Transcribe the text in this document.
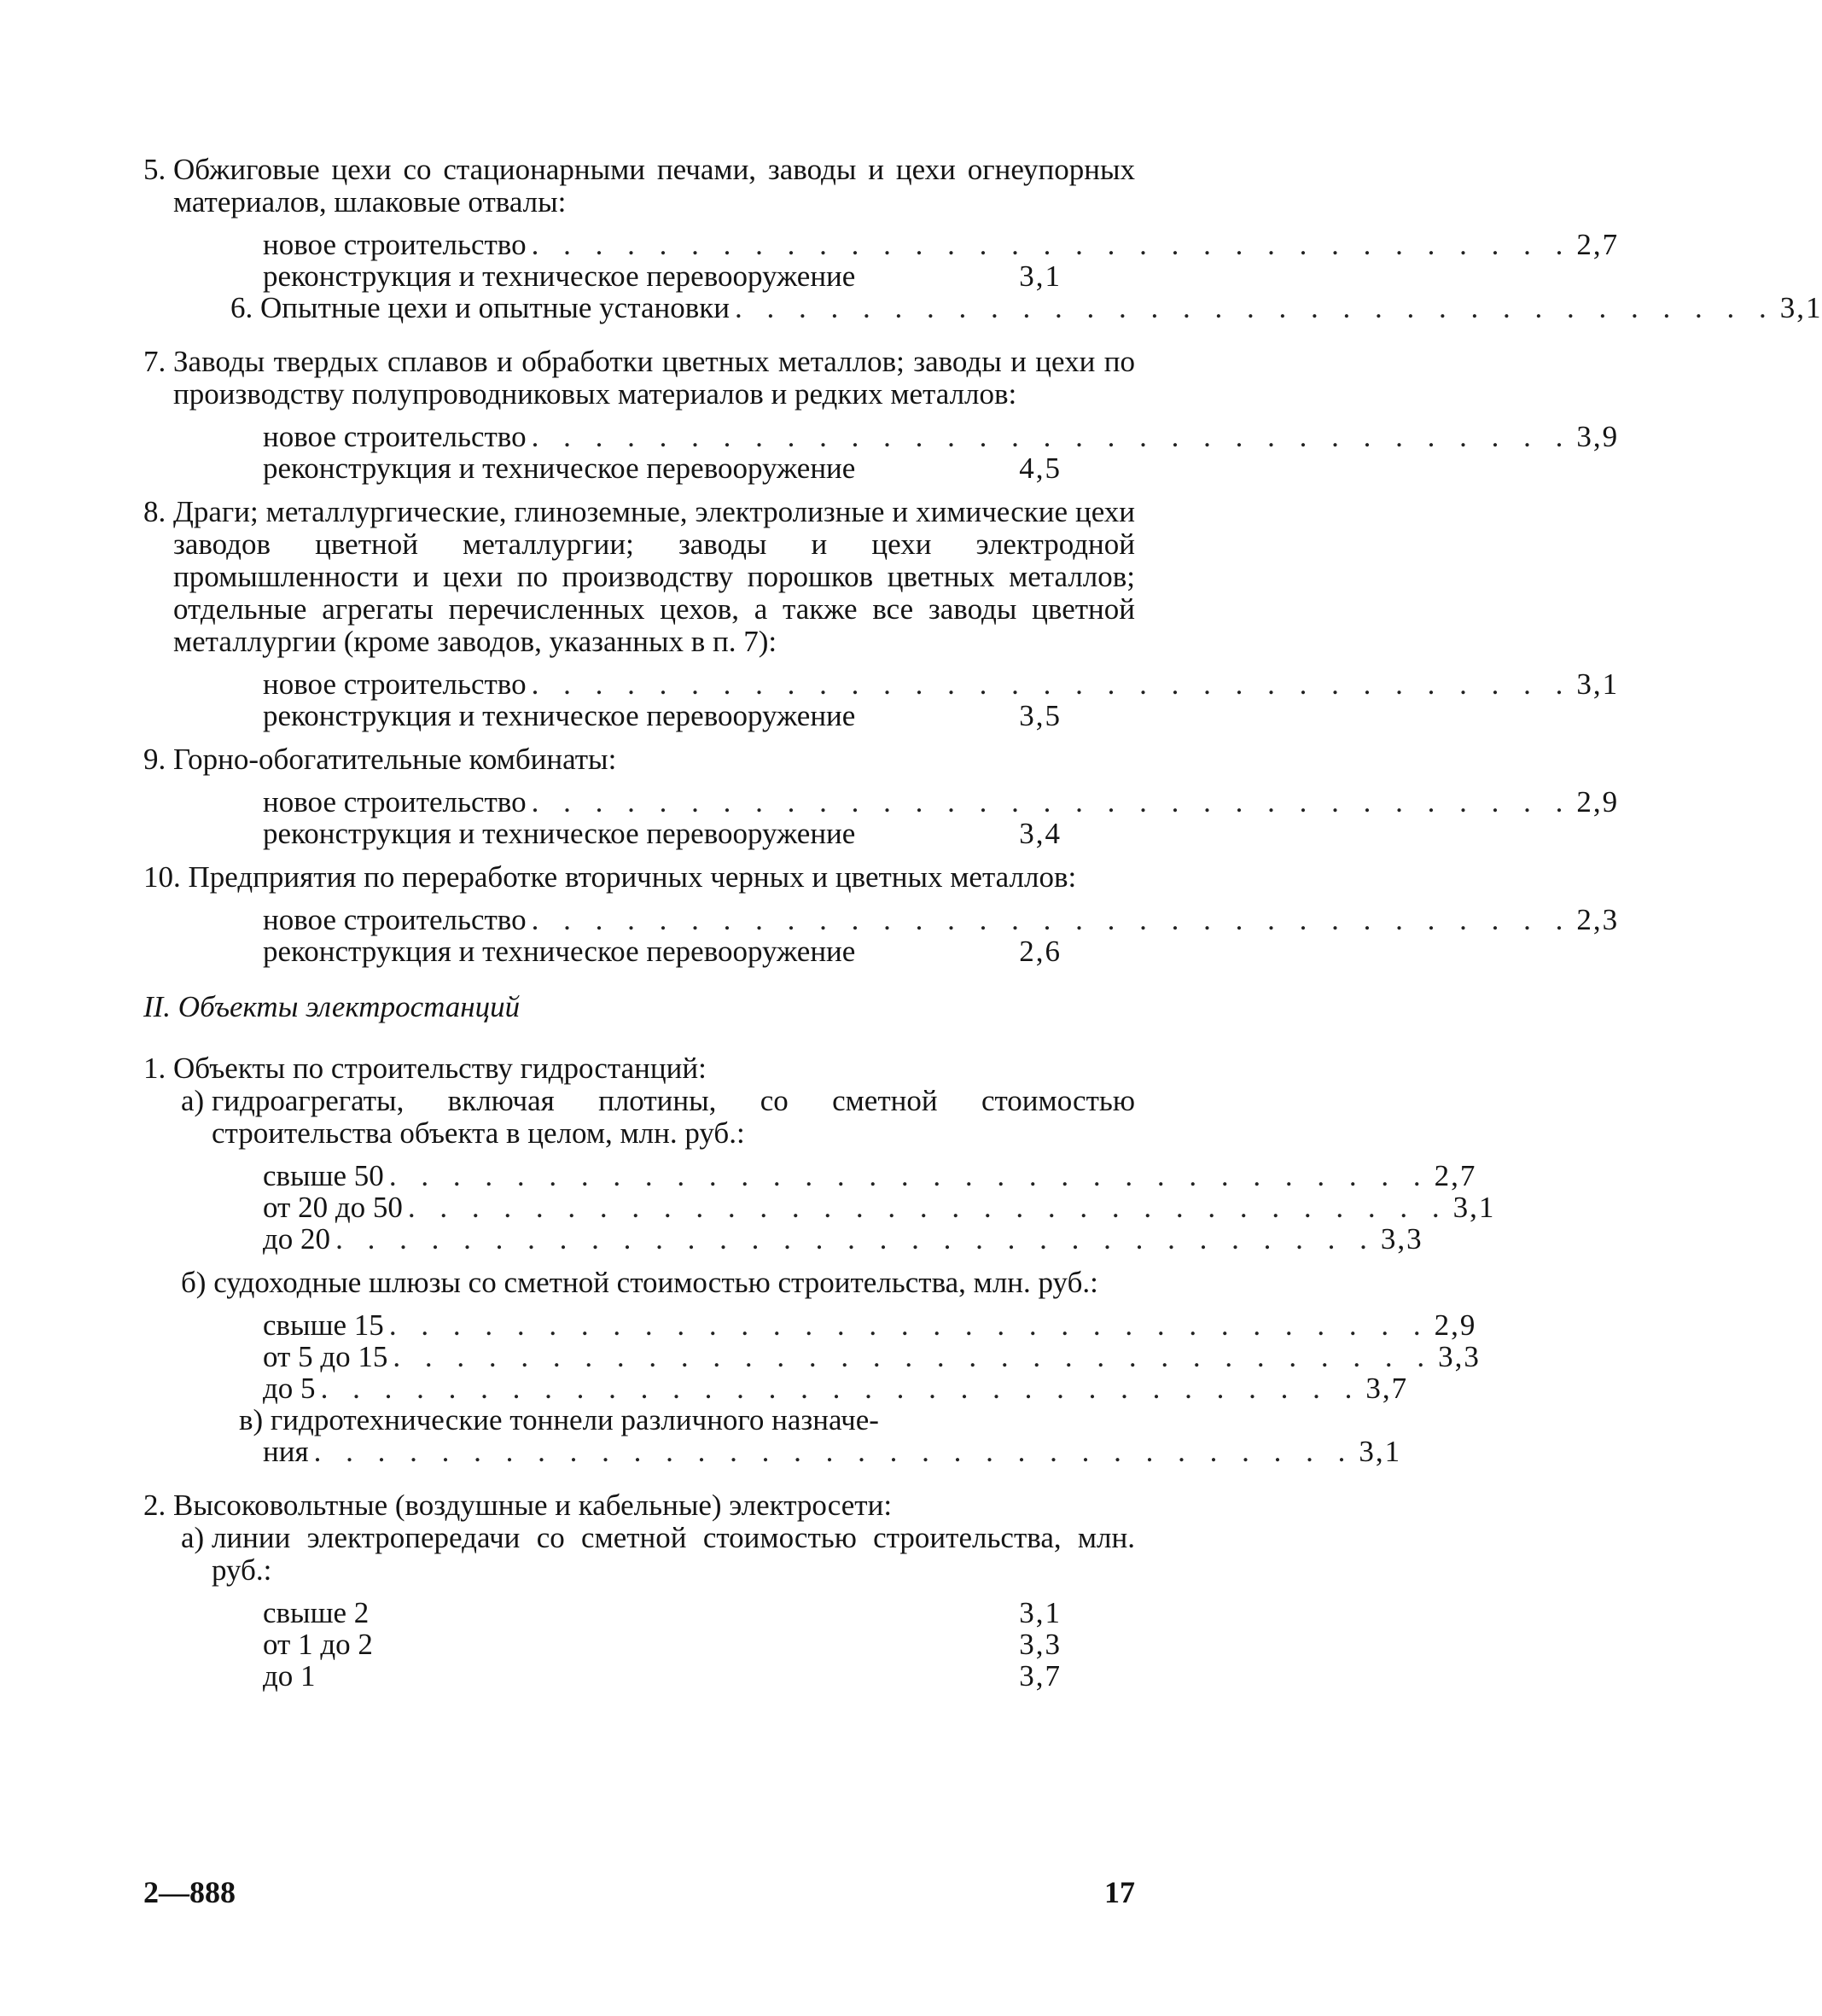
5. Обжиговые цехи со стационарными печами, заводы и цехи огнеупорных материалов, шлаковые отвалы:
новое строительство . . . . . . . . . . . . . . . . . . . . . . . . . . . . . . . . . 2,7
реконструкция и техническое перевооружение	3,1
6. Опытные цехи и опытные установки . . . . . . . . . . . . . . . . . . . . . . . . . . . . . . . . . 3,1
7. Заводы твердых сплавов и обработки цветных металлов; заводы и цехи по производству полупроводниковых материалов и редких металлов:
новое строительство . . . . . . . . . . . . . . . . . . . . . . . . . . . . . . . . . 3,9
реконструкция и техническое перевооружение	4,5
8. Драги; металлургические, глиноземные, электролизные и химические цехи заводов цветной металлургии; заводы и цехи электродной промышленности и цехи по производству порошков цветных металлов; отдельные агрегаты перечисленных цехов, а также все заводы цветной металлургии (кроме заводов, указанных в п. 7):
новое строительство . . . . . . . . . . . . . . . . . . . . . . . . . . . . . . . . . 3,1
реконструкция и техническое перевооружение	3,5
9. Горно-обогатительные комбинаты:
новое строительство . . . . . . . . . . . . . . . . . . . . . . . . . . . . . . . . . 2,9
реконструкция и техническое перевооружение	3,4
10. Предприятия по переработке вторичных черных и цветных металлов:
новое строительство . . . . . . . . . . . . . . . . . . . . . . . . . . . . . . . . . 2,3
реконструкция и техническое перевооружение	2,6
II. Объекты электростанций
1. Объекты по строительству гидростанций:
а) гидроагрегаты, включая плотины, со сметной стоимостью строительства объекта в целом, млн. руб.:
свыше 50 . . . . . . . . . . . . . . . . . . . . . . . . . . . . . . . . . 2,7
от 20 до 50 . . . . . . . . . . . . . . . . . . . . . . . . . . . . . . . . . 3,1
до 20 . . . . . . . . . . . . . . . . . . . . . . . . . . . . . . . . . 3,3
б) судоходные шлюзы со сметной стоимостью строительства, млн. руб.:
свыше 15 . . . . . . . . . . . . . . . . . . . . . . . . . . . . . . . . . 2,9
от 5 до 15 . . . . . . . . . . . . . . . . . . . . . . . . . . . . . . . . . 3,3
до 5 . . . . . . . . . . . . . . . . . . . . . . . . . . . . . . . . . 3,7
в) гидротехнические тоннели различного назначе-
ния . . . . . . . . . . . . . . . . . . . . . . . . . . . . . . . . . 3,1
2. Высоковольтные (воздушные и кабельные) электросети:
а) линии электропередачи со сметной стоимостью строительства, млн. руб.:
свыше 2	3,1
от 1 до 2	3,3
до 1	3,7
2—888	17
